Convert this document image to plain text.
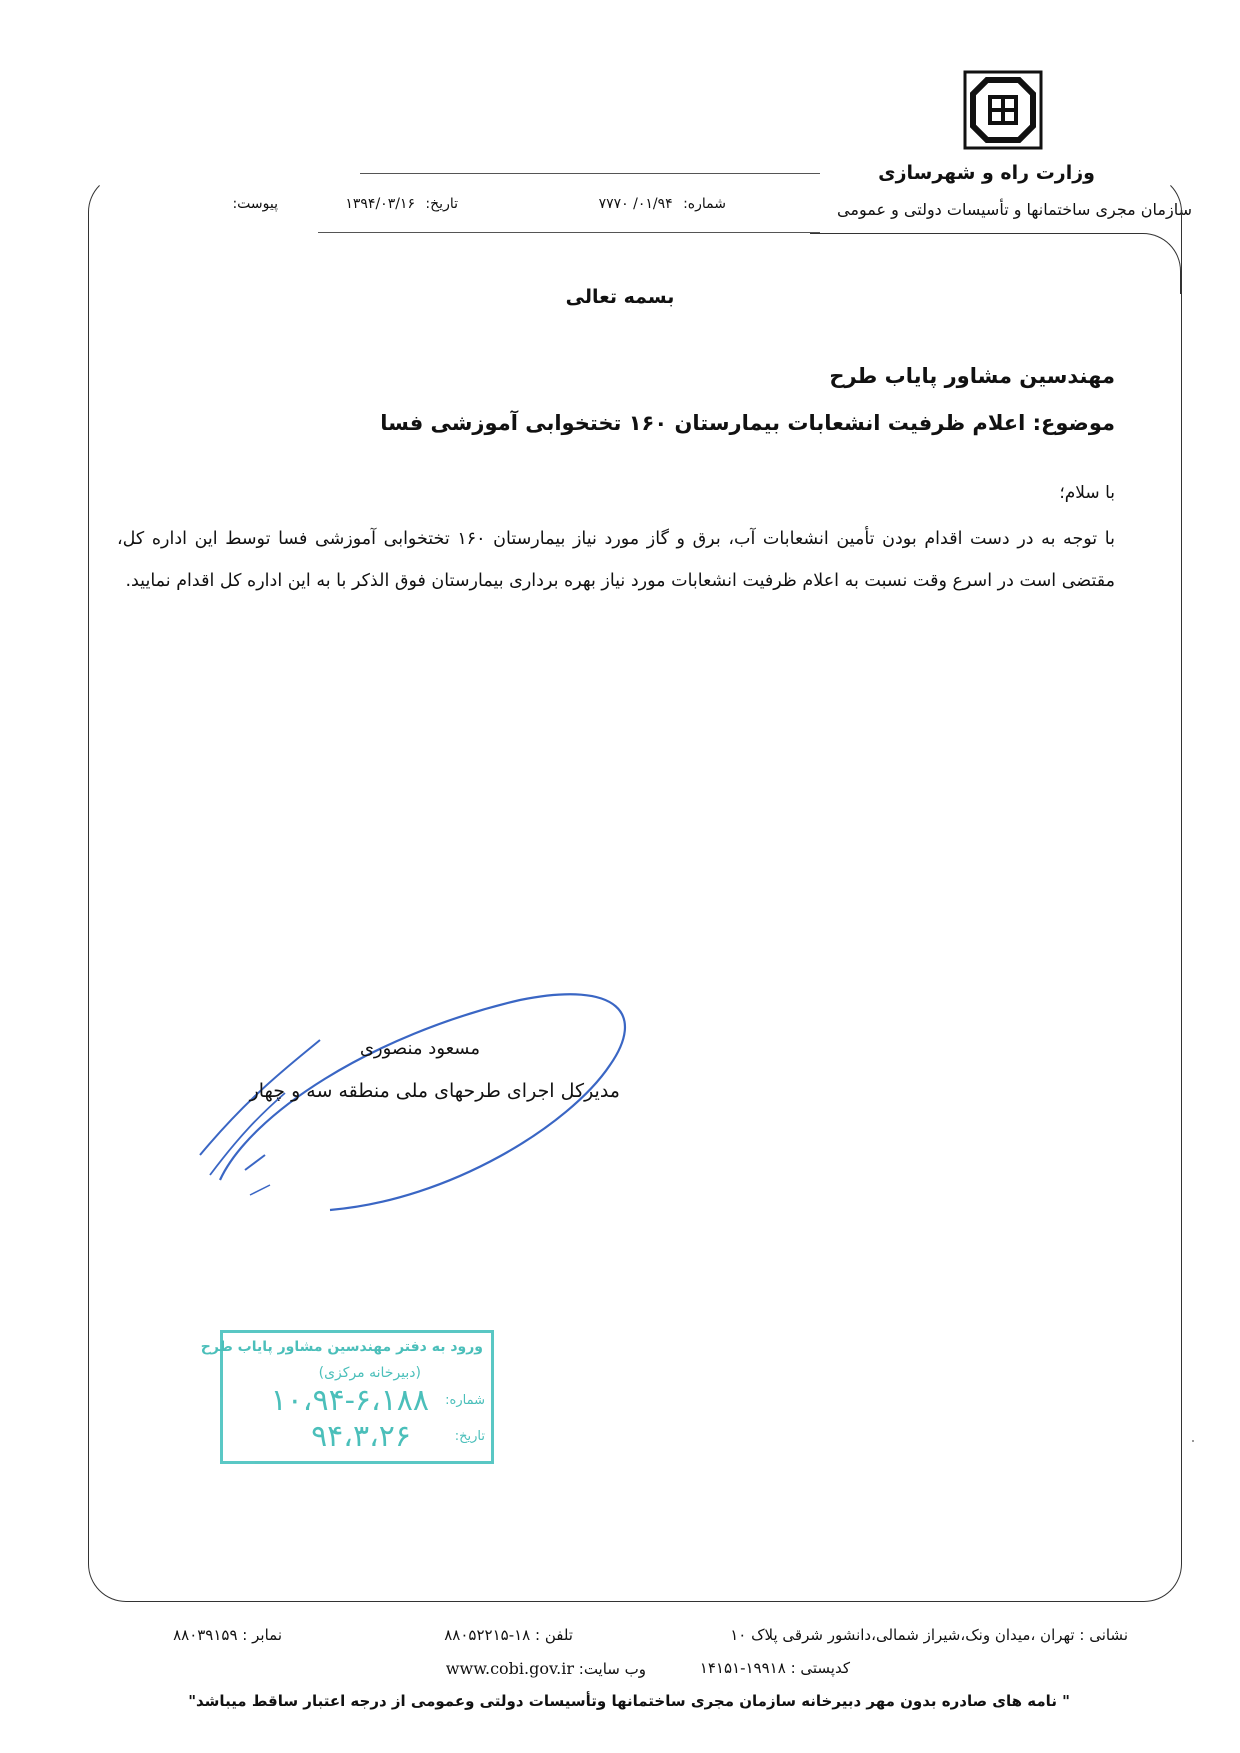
وزارت راه و شهرسازی
سازمان مجری ساختمانها و تأسیسات دولتی و عمومی
شماره: ۰۱/۹۴/ ۷۷۷۰
تاریخ: ۱۳۹۴/۰۳/۱۶
پیوست:
بسمه تعالی
مهندسین مشاور پایاب طرح
موضوع: اعلام ظرفیت انشعابات بیمارستان ۱۶۰ تختخوابی آموزشی فسا
با سلام؛
با توجه به در دست اقدام بودن تأمین انشعابات آب، برق و گاز مورد نیاز بیمارستان ۱۶۰ تختخوابی آموزشی فسا توسط این اداره کل، مقتضی است در اسرع وقت نسبت به اعلام ظرفیت انشعابات مورد نیاز بهره برداری بیمارستان فوق الذکر با به این اداره کل اقدام نمایید.
مسعود منصوری
مدیرکل اجرای طرحهای ملی منطقه سه و چهار
ورود به دفتر مهندسین مشاور پایاب طرح
(دبیرخانه مرکزی)
شماره:
۱۰،۹۴-۶،۱۸۸
تاریخ:
۹۴،۳،۲۶
نشانی : تهران ،میدان ونک،شیراز شمالی،دانشور شرقی پلاک ۱۰
تلفن : ۱۸-۸۸۰۵۲۲۱۵
نمابر : ۸۸۰۳۹۱۵۹
کدپستی : ۱۹۹۱۸-۱۴۱۵۱
وب سایت: www.cobi.gov.ir
" نامه های صادره بدون مهر دبیرخانه سازمان مجری ساختمانها وتأسیسات دولتی وعمومی از درجه اعتبار ساقط میباشد"
